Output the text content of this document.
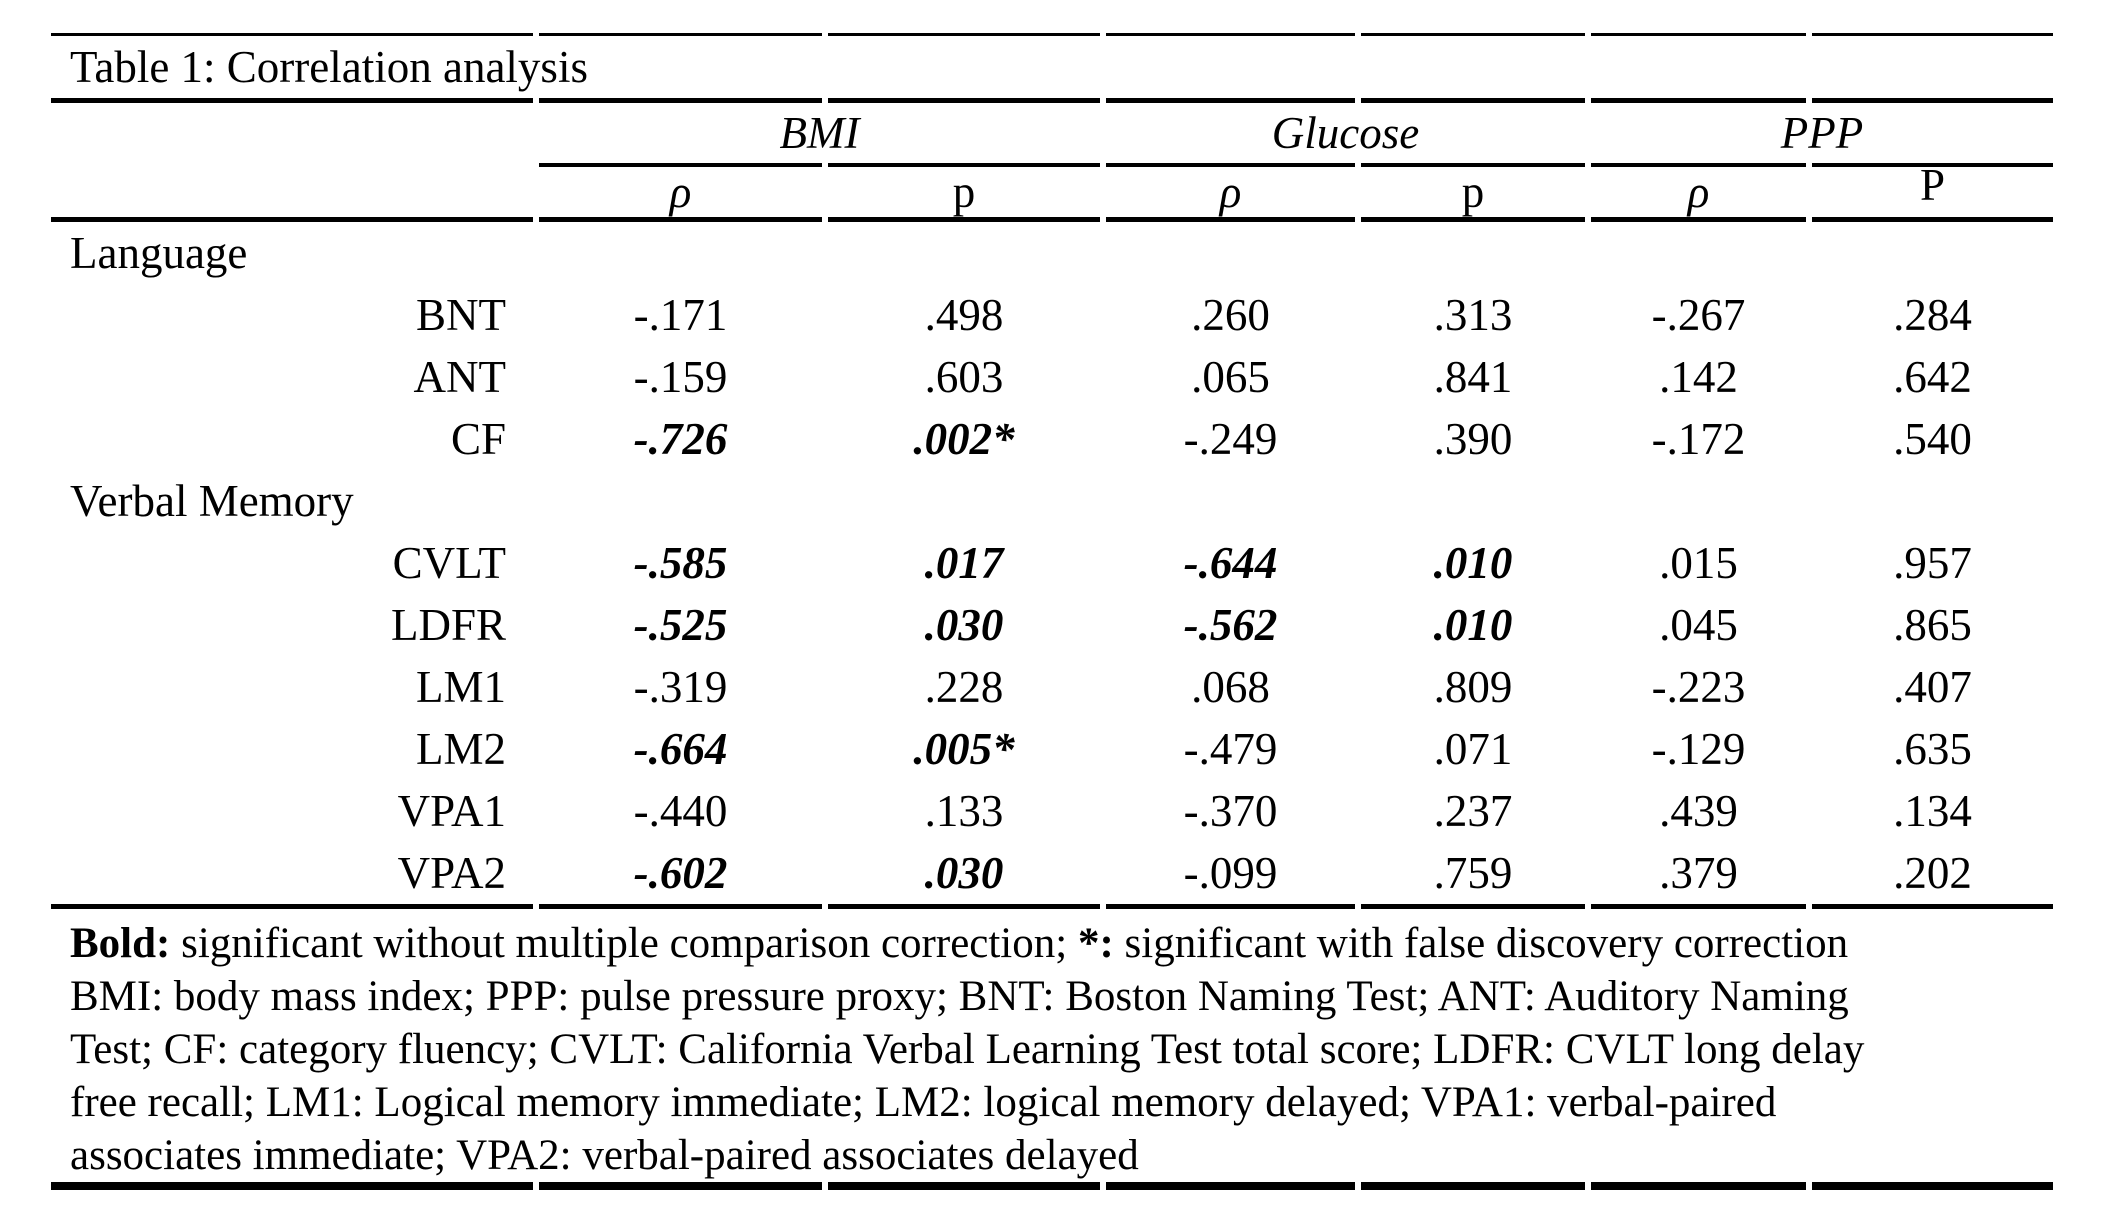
Table 1: Correlation analysis
BMI	Glucose	PPP
ρ	p	ρ	p	ρ	P
Language
BNT	-.171	.498	.260	.313	-.267	.284
ANT	-.159	.603	.065	.841	.142	.642
CF	-.726	.002*	-.249	.390	-.172	.540
Verbal Memory
CVLT	-.585	.017	-.644	.010	.015	.957
LDFR	-.525	.030	-.562	.010	.045	.865
LM1	-.319	.228	.068	.809	-.223	.407
LM2	-.664	.005*	-.479	.071	-.129	.635
VPA1	-.440	.133	-.370	.237	.439	.134
VPA2	-.602	.030	-.099	.759	.379	.202
Bold: significant without multiple comparison correction; *: significant with false discovery correction
BMI: body mass index; PPP: pulse pressure proxy; BNT: Boston Naming Test; ANT: Auditory Naming
Test; CF: category fluency; CVLT: California Verbal Learning Test total score; LDFR: CVLT long delay
free recall; LM1: Logical memory immediate; LM2: logical memory delayed; VPA1: verbal-paired
associates immediate; VPA2: verbal-paired associates delayed
